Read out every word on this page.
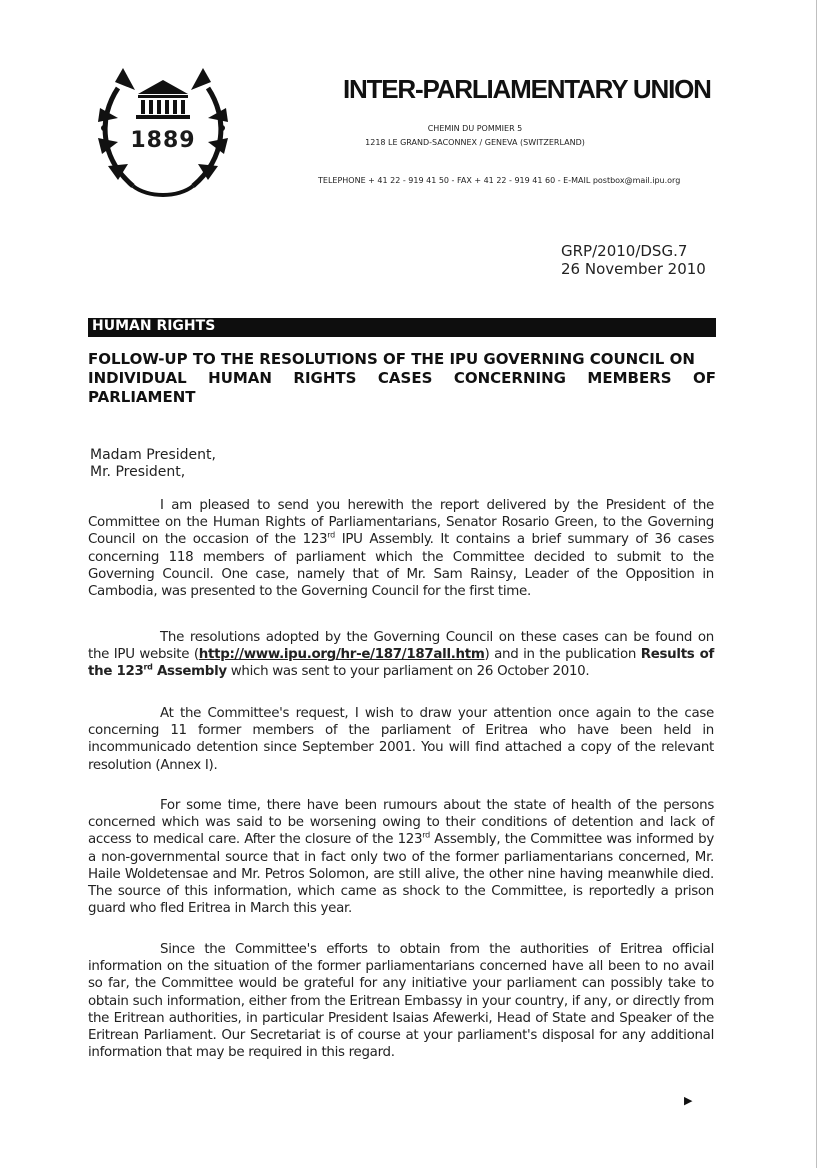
1889
INTER-PARLIAMENTARY UNION
CHEMIN DU POMMIER 5
1218 LE GRAND-SACONNEX / GENEVA (SWITZERLAND)
TELEPHONE + 41 22 - 919 41 50 - FAX + 41 22 - 919 41 60 - E-MAIL postbox@mail.ipu.org
GRP/2010/DSG.7
26 November 2010
HUMAN RIGHTS
FOLLOW-UP TO THE RESOLUTIONS OF THE IPU GOVERNING COUNCIL ON
INDIVIDUAL HUMAN RIGHTS CASES CONCERNING MEMBERS OF
PARLIAMENT
Madam President,
Mr. President,
I am pleased to send you herewith the report delivered by the President of the Committee on the Human Rights of Parliamentarians, Senator Rosario Green, to the Governing Council on the occasion of the 123rd IPU Assembly. It contains a brief summary of 36 cases concerning 118 members of parliament which the Committee decided to submit to the Governing Council. One case, namely that of Mr. Sam Rainsy, Leader of the Opposition in Cambodia, was presented to the Governing Council for the first time.
The resolutions adopted by the Governing Council on these cases can be found on the IPU website (http://www.ipu.org/hr-e/187/187all.htm) and in the publication Results of the 123rd Assembly which was sent to your parliament on 26 October 2010.
At the Committee's request, I wish to draw your attention once again to the case concerning 11 former members of the parliament of Eritrea who have been held in incommunicado detention since September 2001. You will find attached a copy of the relevant resolution (Annex I).
For some time, there have been rumours about the state of health of the persons concerned which was said to be worsening owing to their conditions of detention and lack of access to medical care. After the closure of the 123rd Assembly, the Committee was informed by a non-governmental source that in fact only two of the former parliamentarians concerned, Mr. Haile Woldetensae and Mr. Petros Solomon, are still alive, the other nine having meanwhile died. The source of this information, which came as shock to the Committee, is reportedly a prison guard who fled Eritrea in March this year.
Since the Committee's efforts to obtain from the authorities of Eritrea official information on the situation of the former parliamentarians concerned have all been to no avail so far, the Committee would be grateful for any initiative your parliament can possibly take to obtain such information, either from the Eritrean Embassy in your country, if any, or directly from the Eritrean authorities, in particular President Isaias Afewerki, Head of State and Speaker of the Eritrean Parliament. Our Secretariat is of course at your parliament's disposal for any additional information that may be required in this regard.
▶
